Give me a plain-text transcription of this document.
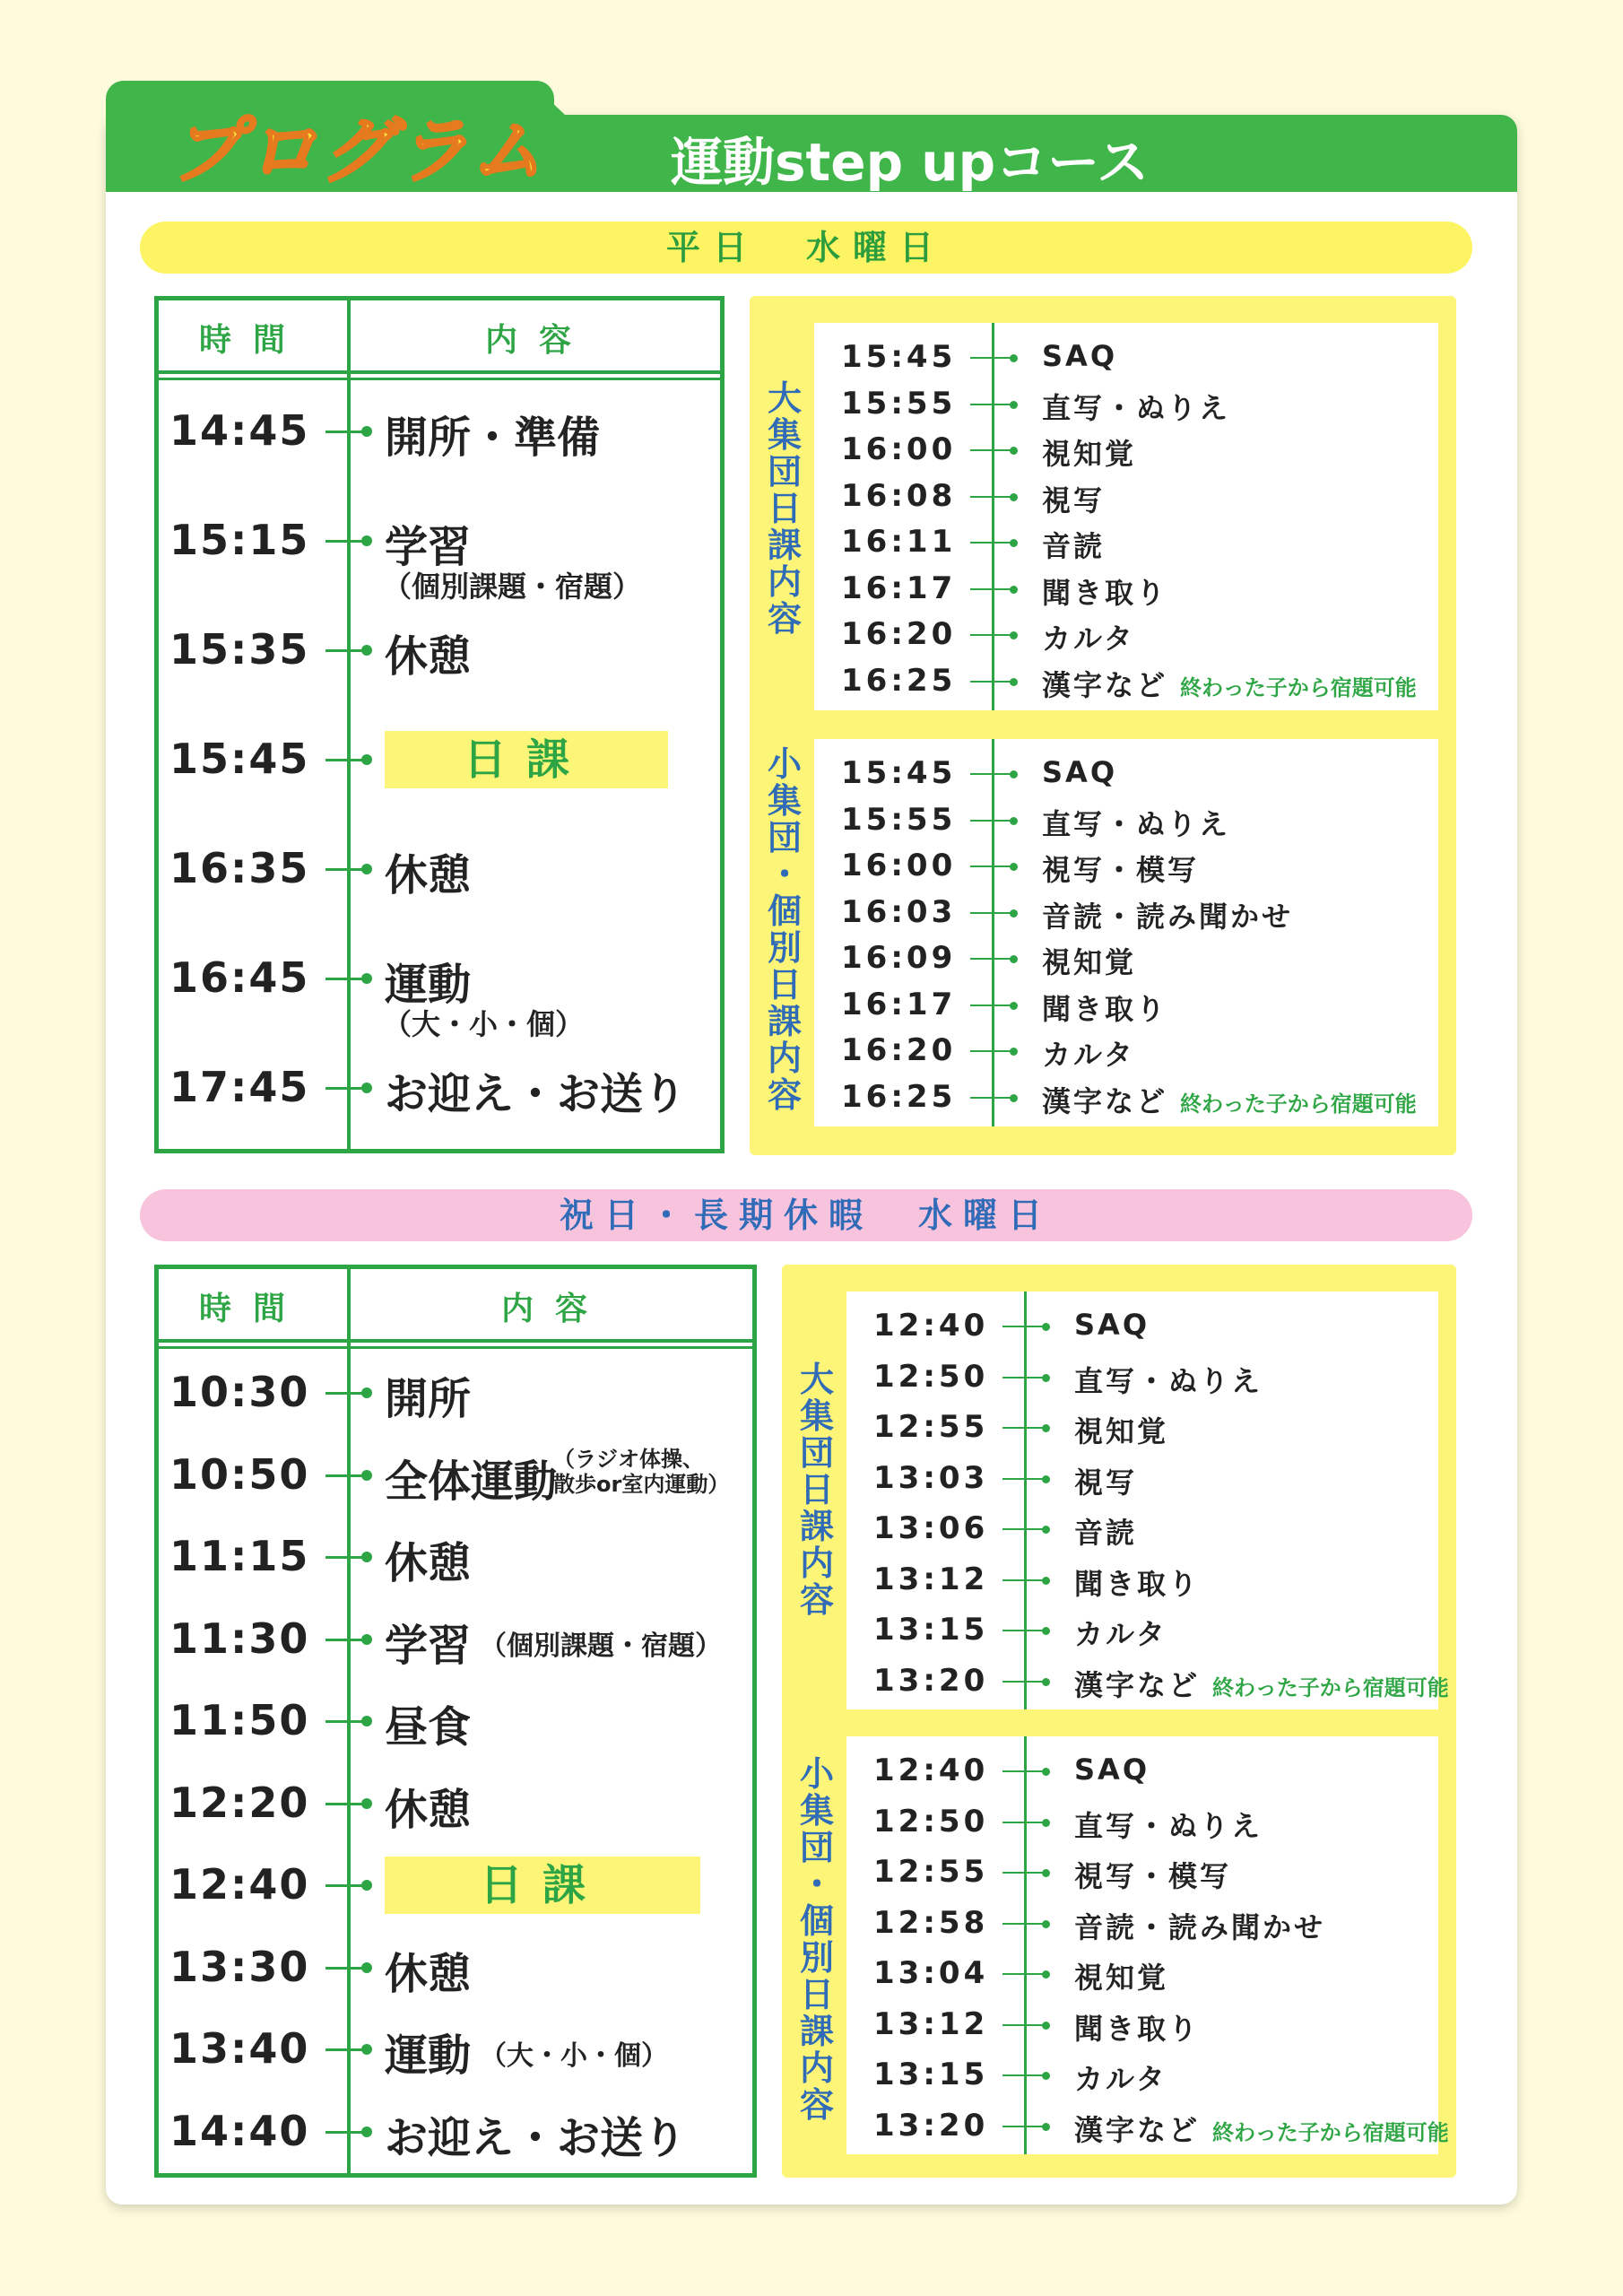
プログラム 運動step upコース
平日　水曜日
時間	内容
14:45 開所・準備
15:15 学習
（個別課題・宿題）
15:35 休憩
15:45	日課
16:35 休憩
16:45 運動
（大・小・個）
17:45 お迎え・お送り
大
集
団
日
課
内
容
小
集
団
・
個
別
日
課
内
容
15:45	SAQ
15:55	直写・ぬりえ
16:00	視知覚
16:08	視写
16:11	音読
16:17	聞き取り
16:20	カルタ
16:25	漢字など 終わった子から宿題可能
15:45	SAQ
15:55	直写・ぬりえ
16:00	視写・模写
16:03	音読・読み聞かせ
16:09	視知覚
16:17	聞き取り
16:20	カルタ
16:25	漢字など 終わった子から宿題可能
祝日・長期休暇　水曜日
時間	内容
10:30 開所
10:50 全体運動
（ラジオ体操、
散歩or室内運動）
11:15 休憩
11:30 学習 （個別課題・宿題）
11:50 昼食
12:20 休憩
12:40	日課
13:30 休憩
13:40 運動 （大・小・個）
14:40 お迎え・お送り
大
集
団
日
課
内
容
小
集
団
・
個
別
日
課
内
容
12:40	SAQ
12:50	直写・ぬりえ
12:55	視知覚
13:03	視写
13:06	音読
13:12	聞き取り
13:15	カルタ
13:20	漢字など 終わった子から宿題可能
12:40	SAQ
12:50	直写・ぬりえ
12:55	視写・模写
12:58	音読・読み聞かせ
13:04	視知覚
13:12	聞き取り
13:15	カルタ
13:20	漢字など 終わった子から宿題可能
